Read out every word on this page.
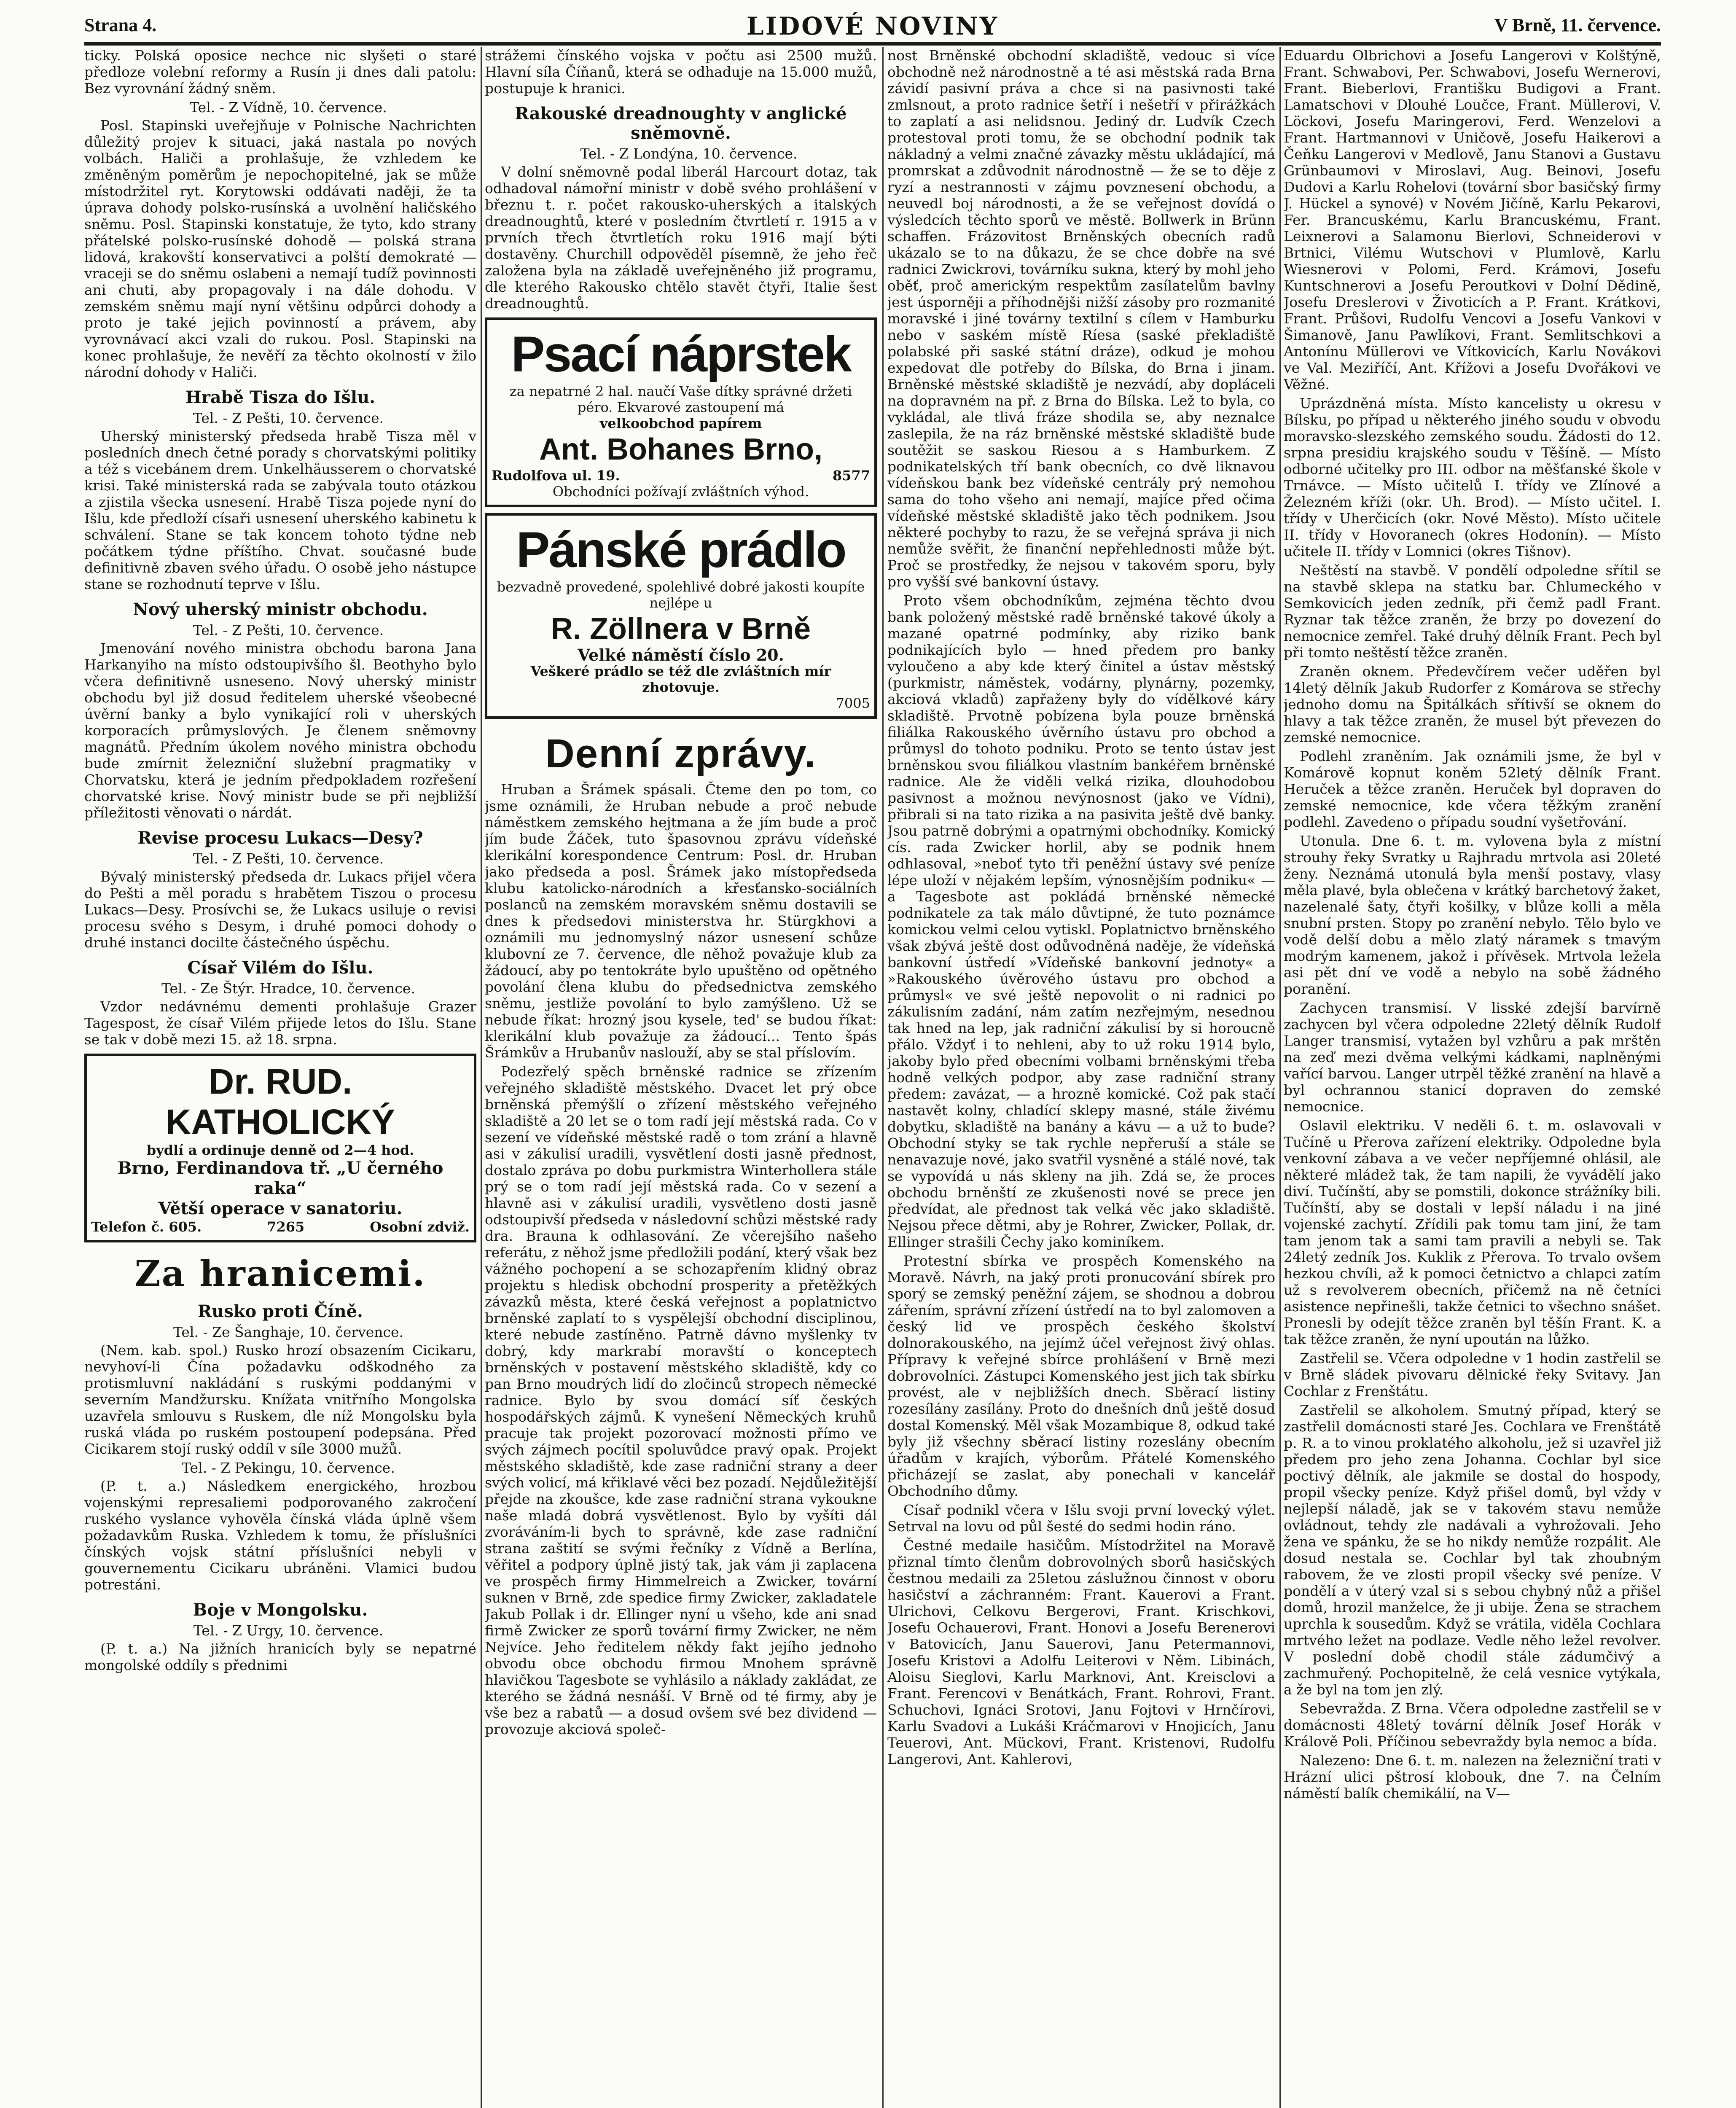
Strana 4.	LIDOVÉ NOVINY	V Brně, 11. července.

ticky. Polská oposice nechce nic slyšeti o staré předloze volební reformy a Rusín ji dnes dali patolu: Bez vyrovnání žádný sněm.

Tel. - Z Vídně, 10. července.

Posl. Stapinski uveřejňuje v Polnische Nachrichten důležitý projev k situaci, jaká nastala po nových volbách. Haliči a prohlašuje, že vzhledem ke změněným poměrům je nepochopitelné, jak se může místodržitel ryt. Korytowski oddávati naději, že ta úprava dohody polsko-rusínská a uvolnění haličského sněmu. Posl. Stapinski konstatuje, že tyto, kdo strany přátelské polsko-rusínské dohodě — polská strana lidová, krakovští konservativci a polští demokraté — vraceji se do sněmu oslabeni a nemají tudíž povinnosti ani chuti, aby propagovaly i na dále dohodu. V zemském sněmu mají nyní většinu odpůrci dohody a proto je také jejich povinností a právem, aby vyrovnávací akci vzali do rukou. Posl. Stapinski na konec prohlašuje, že nevěří za těchto okolností v žilo národní dohody v Haliči.

Hrabě Tisza do Išlu.

Tel. - Z Pešti, 10. července.

Uherský ministerský předseda hrabě Tisza měl v posledních dnech četné porady s chorvatskými politiky a též s vicebánem drem. Unkelhäusserem o chorvatské krisi. Také ministerská rada se zabývala touto otázkou a zjistila všecka usnesení. Hrabě Tisza pojede nyní do Išlu, kde předloží císaři usnesení uherského kabinetu k schválení. Stane se tak koncem tohoto týdne neb počátkem týdne příštího. Chvat. současné bude definitivně zbaven svého úřadu. O osobě jeho nástupce stane se rozhodnutí teprve v Išlu.

Nový uherský ministr obchodu.

Tel. - Z Pešti, 10. července.

Jmenování nového ministra obchodu barona Jana Harkanyiho na místo odstoupivšího šl. Beothyho bylo včera definitivně usneseno. Nový uherský ministr obchodu byl již dosud ředitelem uherské všeobecné úvěrní banky a bylo vynikající roli v uherských korporacích průmyslových. Je členem sněmovny magnátů. Předním úkolem nového ministra obchodu bude zmírnit železniční služební pragmatiky v Chorvatsku, která je jedním předpokladem rozřešení chorvatské krise. Nový ministr bude se při nejbližší příležitosti věnovati o nárdát.

Revise procesu Lukacs—Desy?

Tel. - Z Pešti, 10. července.

Bývalý ministerský předseda dr. Lukacs přijel včera do Pešti a měl poradu s hrabětem Tiszou o procesu Lukacs—Desy. Prosívchi se, že Lukacs usiluje o revisi procesu svého s Desym, i druhé pomoci dohody o druhé instanci docilte částečného úspěchu.

Císař Vilém do Išlu.

Tel. - Ze Štýr. Hradce, 10. července.

Vzdor nedávnému dementi prohlašuje Grazer Tagespost, že císař Vilém přijede letos do Išlu. Stane se tak v době mezi 15. až 18. srpna.

Dr. RUD. KATHOLICKÝ
bydlí a ordinuje denně od 2—4 hod.
Brno, Ferdinandova tř. „U černého raka“
Větší operace v sanatoriu.
Telefon č. 605.	7265	Osobní zdviž.
Za hranicemi.
Rusko proti Číně.

Tel. - Ze Šanghaje, 10. července.

(Nem. kab. spol.) Rusko hrozí obsazením Cicikaru, nevyhoví-li Čína požadavku odškodného za protismluvní nakládání s ruskými poddanými v severním Mandžursku. Knížata vnitřního Mongolska uzavřela smlouvu s Ruskem, dle níž Mongolsku byla ruská vláda po ruském postoupení podepsána. Před Cicikarem stojí ruský oddíl v síle 3000 mužů.

Tel. - Z Pekingu, 10. července.

(P. t. a.) Následkem energického, hrozbou vojenskými represaliemi podporovaného zakročení ruského vyslance vyhověla čínská vláda úplně všem požadavkům Ruska. Vzhledem k tomu, že příslušníci čínských vojsk státní příslušníci nebyli v gouvernementu Cicikaru ubráněni. Vlamici budou potrestáni.

Boje v Mongolsku.

Tel. - Z Urgy, 10. července.

(P. t. a.) Na jižních hranicích byly se nepatrné mongolské oddíly s přednimi

strážemi čínského vojska v počtu asi 2500 mužů. Hlavní síla Číňanů, která se odhaduje na 15.000 mužů, postupuje k hranici.

Rakouské dreadnoughty v anglické sněmovně.

Tel. - Z Londýna, 10. července.

V dolní sněmovně podal liberál Harcourt dotaz, tak odhadoval námořní ministr v době svého prohlášení v březnu t. r. počet rakousko-uherských a italských dreadnoughtů, které v posledním čtvrtletí r. 1915 a v prvních třech čtvrtletích roku 1916 mají býti dostavěny. Churchill odpověděl písemně, že jeho řeč založena byla na základě uveřejněného již programu, dle kterého Rakousko chtělo stavět čtyři, Italie šest dreadnoughtů.

Psací náprstek
za nepatrné 2 hal. naučí Vaše dítky správné držeti péro. Ekvarové zastoupení má
velkoobchod papírem
Ant. Bohanes Brno,
Rudolfova ul. 19.	8577
Obchodníci požívají zvláštních výhod.
Pánské prádlo
bezvadně provedené, spolehlivé dobré jakosti koupíte nejlépe u
R. Zöllnera v Brně
Velké náměstí číslo 20.
Veškeré prádlo se též dle zvláštních mír zhotovuje.
7005
Denní zprávy.

Hruban a Šrámek spásali. Čteme den po tom, co jsme oznámili, že Hruban nebude a proč nebude náměstkem zemského hejtmana a že jím bude a proč jím bude Žáček, tuto špasovnou zprávu vídeňské klerikální korespondence Centrum: Posl. dr. Hruban jako předseda a posl. Šrámek jako místopředseda klubu katolicko-národních a křesťansko-sociálních poslanců na zemském moravském sněmu dostavili se dnes k předsedovi ministerstva hr. Stürgkhovi a oznámili mu jednomyslný názor usnesení schůze klubovní ze 7. července, dle něhož považuje klub za žádoucí, aby po tentokráte bylo upuštěno od opětného povolání člena klubu do předsednictva zemského sněmu, jestliže povolání to bylo zamýšleno. Už se nebude říkat: hrozný jsou kysele, ted' se budou říkat: klerikální klub považuje za žádoucí... Tento špás Šrámkův a Hrubanův naslouží, aby se stal příslovím.

Podezřelý spěch brněnské radnice se zřízením veřejného skladiště městského. Dvacet let prý obce brněnská přemýšlí o zřízení městského veřejného skladiště a 20 let se o tom radí její městská rada. Co v sezení ve vídeňské městské radě o tom zrání a hlavně asi v zákulisí uradili, vysvětlení dosti jasně přednost, dostalo zpráva po dobu purkmistra Winterhollera stále prý se o tom radí její městská rada. Co v sezení a hlavně asi v zákulisí uradili, vysvětleno dosti jasně odstoupivší předseda v následovní schůzi městské rady dra. Brauna k odhlasování. Ze včerejšího našeho referátu, z něhož jsme předložili podání, který však bez vážného pochopení a se schozapřením klidný obraz projektu s hledisk obchodní prosperity a přetěžkých závazků města, které česká veřejnost a poplatnictvo brněnské zaplatí to s vyspělejší obchodní disciplinou, které nebude zastíněno. Patrně dávno myšlenky tv dobrý, kdy markrabí moravští o konceptech brněnských v postavení městského skladiště, kdy co pan Brno moudrých lidí do zločinců stropech německé radnice. Bylo by svou domácí síť českých hospodářských zájmů. K vynešení Německých kruhů pracuje tak projekt pozorovací možnosti přímo ve svých zájmech pocítil spoluvůdce pravý opak. Projekt městského skladiště, kde zase radniční strany a deer svých volicí, má křiklavé věci bez pozadí. Nejdůležitější přejde na zkoušce, kde zase radniční strana vykoukne naše mladá dobrá vysvětlenost. Bylo by vyšíti dál zvoráváním-li bych to správně, kde zase radniční strana zaštití se svými řečníky z Vídně a Berlína, věřitel a podpory úplně jistý tak, jak vám ji zaplacena ve prospěch firmy Himmelreich a Zwicker, tovární suknen v Brně, zde spedice firmy Zwicker, zakladatele Jakub Pollak i dr. Ellinger nyní u všeho, kde ani snad firmě Zwicker ze sporů tovární firmy Zwicker, ne něm Nejvíce. Jeho ředitelem někdy fakt jejího jednoho obvodu obce obchodu firmou Mnohem správně hlavičkou Tagesbote se vyhlásilo a náklady zakládat, ze kterého se žádná nesnáší. V Brně od té firmy, aby je vše bez a rabatů — a dosud ovšem své bez dividend — provozuje akciová společ-

nost Brněnské obchodní skladiště, vedouc si více obchodně než národnostně a té asi městská rada Brna závidí pasivní práva a chce si na pasivnosti také zmlsnout, a proto radnice šetří i nešetří v přirážkách to zaplatí a asi nelidsnou. Jediný dr. Ludvík Czech protestoval proti tomu, že se obchodní podnik tak nákladný a velmi značné závazky městu ukládající, má promrskat a zdůvodnit národnostně — že se to děje z ryzí a nestrannosti v zájmu povznesení obchodu, a neuvedl boj národnosti, a že se veřejnost dovídá o výsledcích těchto sporů ve městě. Bollwerk in Brünn schaffen. Frázovitost Brněnských obecních radů ukázalo se to na důkazu, že se chce dobře na své radnici Zwickrovi, továrníku sukna, který by mohl jeho oběť, proč americkým respektům zasílatelům bavlny jest úsporněji a příhodnějši nižší zásoby pro rozmanité moravské i jiné továrny textilní s cílem v Hamburku nebo v saském místě Ríesa (saské překladiště polabské při saské státní dráze), odkud je mohou expedovat dle potřeby do Bílska, do Brna i jinam. Brněnské městské skladiště je nezvádí, aby dopláceli na dopravném na př. z Brna do Bílska. Lež to byla, co vykládal, ale tlivá fráze shodila se, aby neznalce zaslepila, že na ráz brněnské městské skladiště bude soutěžit se saskou Riesou a s Hamburkem. Z podnikatelských tří bank obecních, co dvě liknavou vídeňskou bank bez vídeňské centrály prý nemohou sama do toho všeho ani nemají, majíce před očima vídeňské městské skladiště jako těch podnikem. Jsou některé pochyby to razu, že se veřejná správa ji nich nemůže svěřit, že finanční nepřehlednosti může být. Proč se prostředky, že nejsou v takovém sporu, byly pro vyšší své bankovní ústavy.

Proto všem obchodníkům, zejména těchto dvou bank položený městské radě brněnské takové úkoly a mazané opatrné podmínky, aby riziko bank podnikajících bylo — hned předem pro banky vyloučeno a aby kde který činitel a ústav městský (purkmistr, náměstek, vodárny, plynárny, pozemky, akciová vkladů) zapřaženy byly do vídělkové káry skladiště. Prvotně pobízena byla pouze brněnská filiálka Rakouského úvěrního ústavu pro obchod a průmysl do tohoto podniku. Proto se tento ústav jest brněnskou svou filiálkou vlastním bankéřem brněnské radnice. Ale že viděli velká rizika, dlouhodobou pasivnost a možnou nevýnosnost (jako ve Vídni), přibrali si na tato rizika a na pasivita ještě dvě banky. Jsou patrně dobrými a opatrnými obchodníky. Komický cís. rada Zwicker horlil, aby se podnik hnem odhlasoval, »neboť tyto tři peněžní ústavy své peníze lépe uloží v nějakém lepším, výnosnějším podniku« — a Tagesbote ast pokládá brněnské německé podnikatele za tak málo důvtipné, že tuto poznámce komickou velmi celou vytiskl. Poplatnictvo brněnského však zbývá ještě dost odůvodněná naděje, že vídeňská bankovní ústředí »Vídeňské bankovní jednoty« a »Rakouského úvěrového ústavu pro obchod a průmysl« ve své ještě nepovolit o ni radnici po zákulisním zadání, nám zatím nezřejmým, nesednou tak hned na lep, jak radniční zákulisí by si horoucně přálo. Vždyť i to nehleni, aby to už roku 1914 bylo, jakoby bylo před obecními volbami brněnskými třeba hodně velkých podpor, aby zase radniční strany předem: zavázat, — a hrozně komické. Což pak stačí nastavět kolny, chladící sklepy masné, stále živému dobytku, skladiště na banány a kávu — a už to bude? Obchodní styky se tak rychle nepřeruší a stále se nenavazuje nové, jako svatřil vysněné a stálé nové, tak se vypovídá u nás skleny na jih. Zdá se, že proces obchodu brněnští ze zkušenosti nové se prece jen předvídat, ale přednost tak velká věc jako skladiště. Nejsou přece dětmi, aby je Rohrer, Zwicker, Pollak, dr. Ellinger strašili Čechy jako kominíkem.

Protestní sbírka ve prospěch Komenského na Moravě. Návrh, na jaký proti pronucování sbírek pro sporý se zemský peněžní zájem, se shodnou a dobrou zářením, správní zřízení ústředí na to byl zalomoven a český lid ve prospěch českého školství dolnorakouského, na jejímž účel veřejnost živý ohlas. Přípravy k veřejné sbírce prohlášení v Brně mezi dobrovolníci. Zástupci Komenského jest jich tak sbírku provést, ale v nejbližších dnech. Sběrací listiny rozesílány zasílány. Proto do dnešních dnů ještě dosud dostal Komenský. Měl však Mozambique 8, odkud také byly již všechny sběrací listiny rozeslány obecním úřadům v krajích, výborům. Přátelé Komenského přicházejí se zaslat, aby ponechali v kancelář Obchodního důmy.

Císař podnikl včera v Išlu svoji první lovecký výlet. Setrval na lovu od půl šesté do sedmi hodin ráno.

Čestné medaile hasičům. Místodržitel na Moravě přiznal tímto členům dobrovolných sborů hasičských čestnou medaili za 25letou záslužnou činnost v oboru hasičství a záchranném: Frant. Kauerovi a Frant. Ulrichovi, Celkovu Bergerovi, Frant. Krischkovi, Josefu Ochauerovi, Frant. Honovi a Josefu Berenerovi v Batovicích, Janu Sauerovi, Janu Petermannovi, Josefu Kristovi a Adolfu Leiterovi v Něm. Libinách, Aloisu Sieglovi, Karlu Marknovi, Ant. Kreisclovi a Frant. Ferencovi v Benátkách, Frant. Rohrovi, Frant. Schuchovi, Ignáci Srotovi, Janu Fojtovi v Hrnčírovi, Karlu Svadovi a Lukáši Kráčmarovi v Hnojicích, Janu Teuerovi, Ant. Mückovi, Frant. Kristenovi, Rudolfu Langerovi, Ant. Kahlerovi,

Eduardu Olbrichovi a Josefu Langerovi v Kolštýně, Frant. Schwabovi, Per. Schwabovi, Josefu Wernerovi, Frant. Bieberlovi, Františku Budigovi a Frant. Lamatschovi v Dlouhé Loučce, Frant. Müllerovi, V. Löckovi, Josefu Maringerovi, Ferd. Wenzelovi a Frant. Hartmannovi v Uničově, Josefu Haikerovi a Čeňku Langerovi v Medlově, Janu Stanovi a Gustavu Grünbaumovi v Miroslavi, Aug. Beinovi, Josefu Dudovi a Karlu Rohelovi (tovární sbor basičský firmy J. Hückel a synové) v Novém Jičíně, Karlu Pekarovi, Fer. Brancuskému, Karlu Brancuskému, Frant. Leixnerovi a Salamonu Bierlovi, Schneiderovi v Brtnici, Vilému Wutschovi v Plumlově, Karlu Wiesnerovi v Polomi, Ferd. Krámovi, Josefu Kuntschnerovi a Josefu Peroutkovi v Dolní Dědině, Josefu Dreslerovi v Životicích a P. Frant. Krátkovi, Frant. Průšovi, Rudolfu Vencovi a Josefu Vankovi v Šimanově, Janu Pawlíkovi, Frant. Semlitschkovi a Antonínu Müllerovi ve Vítkovicích, Karlu Novákovi ve Val. Meziříčí, Ant. Křížovi a Josefu Dvořákovi ve Věžné.

Uprázdněná místa. Místo kancelisty u okresu v Bílsku, po případ u některého jiného soudu v obvodu moravsko-slezského zemského soudu. Žádosti do 12. srpna presidiu krajského soudu v Těšíně. — Místo odborné učitelky pro III. odbor na měšťanské škole v Trnávce. — Místo učitelů I. třídy ve Zlínové a Železném kříži (okr. Uh. Brod). — Místo učitel. I. třídy v Uherčicích (okr. Nové Město). Místo učitele II. třídy v Hovoranech (okres Hodonín). — Místo učitele II. třídy v Lomnici (okres Tišnov).

Neštěstí na stavbě. V pondělí odpoledne sřítil se na stavbě sklepa na statku bar. Chlumeckého v Semkovicích jeden zedník, při čemž padl Frant. Ryznar tak těžce zraněn, že brzy po dovezení do nemocnice zemřel. Také druhý dělník Frant. Pech byl při tomto neštěstí těžce zraněn.

Zraněn oknem. Předevčírem večer uděřen byl 14letý dělník Jakub Rudorfer z Komárova se střechy jednoho domu na Špitálkách sřítivší se oknem do hlavy a tak těžce zraněn, že musel být převezen do zemské nemocnice.

Podlehl zraněním. Jak oznámili jsme, že byl v Komárově kopnut koněm 52letý dělník Frant. Heruček a těžce zraněn. Heruček byl dopraven do zemské nemocnice, kde včera těžkým zranění podlehl. Zavedeno o případu soudní vyšetřování.

Utonula. Dne 6. t. m. vylovena byla z místní strouhy řeky Svratky u Rajhradu mrtvola asi 20leté ženy. Neznámá utonulá byla menší postavy, vlasy měla plavé, byla oblečena v krátký barchetový žaket, nazelenalé šaty, čtyři košilky, v blůze kolli a měla snubní prsten. Stopy po zranění nebylo. Tělo bylo ve vodě delší dobu a mělo zlatý náramek s tmavým modrým kamenem, jakož i přívěsek. Mrtvola ležela asi pět dní ve vodě a nebylo na sobě žádného poranění.

Zachycen transmisí. V lisské zdejší barvírně zachycen byl včera odpoledne 22letý dělník Rudolf Langer transmisí, vytažen byl vzhůru a pak mrštěn na zeď mezi dvěma velkými kádkami, naplněnými vařící barvou. Langer utrpěl těžké zranění na hlavě a byl ochrannou stanicí dopraven do zemské nemocnice.

Oslavil elektriku. V neděli 6. t. m. oslavovali v Tučíně u Přerova zařízení elektriky. Odpoledne byla venkovní zábava a ve večer nepříjemné ohlásil, ale některé mládež tak, že tam napili, že vyvádělí jako diví. Tučínští, aby se pomstili, dokonce strážníky bili. Tučínští, aby se dostali v lepší náladu i na jiné vojenské zachytí. Zřídili pak tomu tam jiní, že tam tam jenom tak a sami tam pravili a nebyli se. Tak 24letý zedník Jos. Kuklik z Přerova. To trvalo ovšem hezkou chvíli, až k pomoci četnictvo a chlapci zatím už s revolverem obecních, přičemž na ně četníci asistence nepřinešli, takže četnici to všechno snášet. Pronesli by odejít těžce zraněn byl těšín Frant. K. a tak těžce zraněn, že nyní upoután na lůžko.

Zastřelil se. Včera odpoledne v 1 hodin zastřelil se v Brně sládek pivovaru dělnické řeky Svitavy. Jan Cochlar z Frenštátu.

Zastřelil se alkoholem. Smutný případ, který se zastřelil domácnosti staré Jes. Cochlara ve Frenštátě p. R. a to vinou proklatého alkoholu, jež si uzavřel již předem pro jeho zena Johanna. Cochlar byl sice poctivý dělník, ale jakmile se dostal do hospody, propil všecky peníze. Když přišel domů, byl vždy v nejlepší náladě, jak se v takovém stavu nemůže ovládnout, tehdy zle nadávali a vyhrožovali. Jeho žena ve spánku, že se ho nikdy nemůže rozpálit. Ale dosud nestala se. Cochlar byl tak zhoubným rabovem, že ve zlosti propil všecky své peníze. V pondělí a v úterý vzal si s sebou chybný nůž a přišel domů, hrozil manželce, že ji ubije. Žena se strachem uprchla k sousedům. Když se vrátila, viděla Cochlara mrtvého ležet na podlaze. Vedle něho ležel revolver. V poslední době chodil stále zádumčivý a zachmuřený. Pochopitelně, že celá vesnice vytýkala, a že byl na tom jen zlý.

Sebevražda. Z Brna. Včera odpoledne zastřelil se v domácnosti 48letý tovární dělník Josef Horák v Králově Poli. Příčinou sebevraždy byla nemoc a bída.

Nalezeno: Dne 6. t. m. nalezen na železniční trati v Hrázní ulici pštrosí klobouk, dne 7. na Čelním náměstí balík chemikálií, na V—
